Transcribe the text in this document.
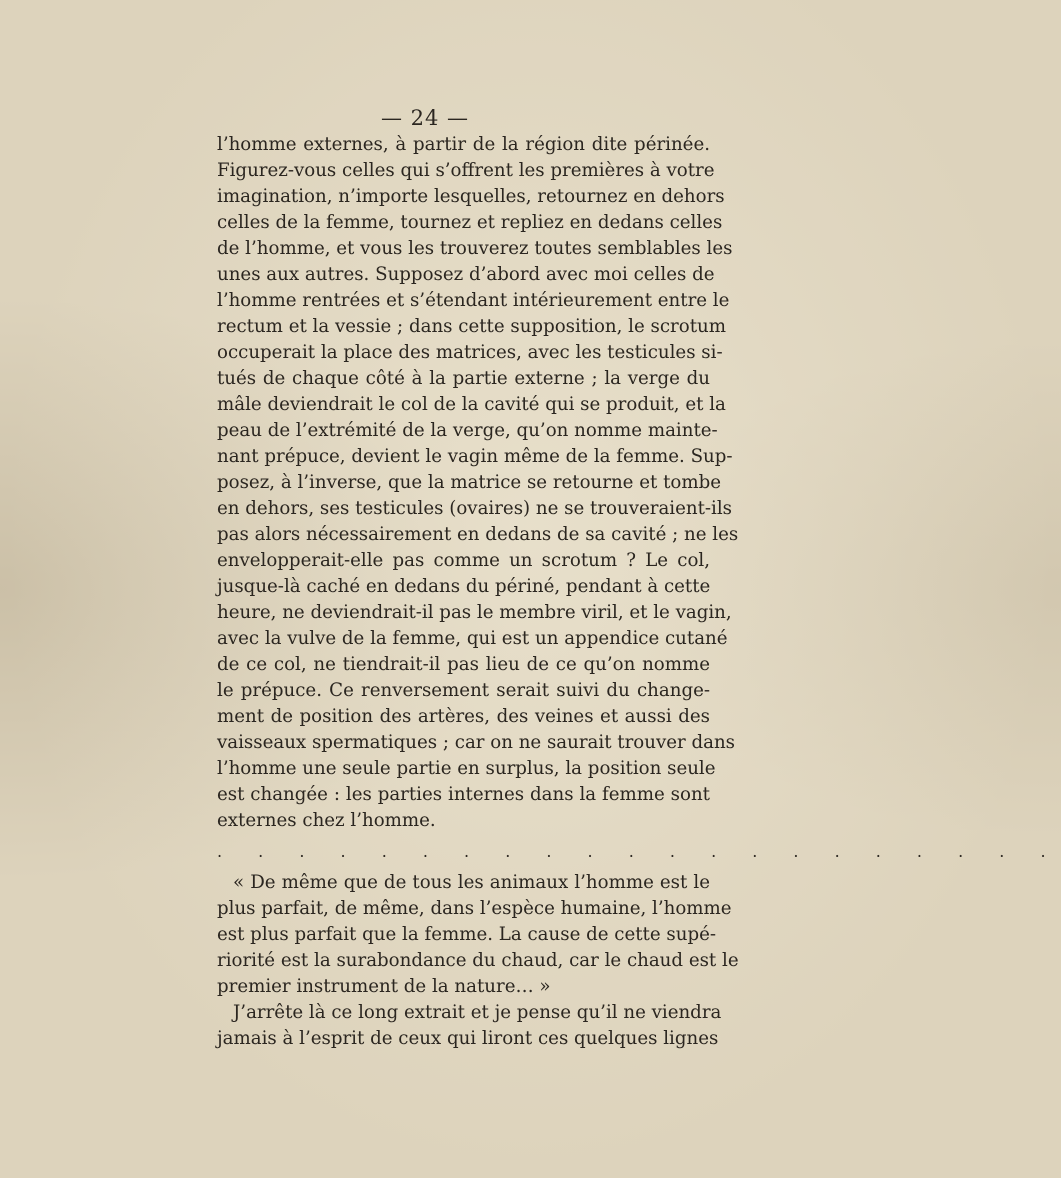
— 24 —
l’homme externes, à partir de la région dite périnée.
Figurez-vous celles qui s’offrent les premières à votre
imagination, n’importe lesquelles, retournez en dehors
celles de la femme, tournez et repliez en dedans celles
de l’homme, et vous les trouverez toutes semblables les
unes aux autres. Supposez d’abord avec moi celles de
l’homme rentrées et s’étendant intérieurement entre le
rectum et la vessie ; dans cette supposition, le scrotum
occuperait la place des matrices, avec les testicules si-
tués de chaque côté à la partie externe ; la verge du
mâle deviendrait le col de la cavité qui se produit, et la
peau de l’extrémité de la verge, qu’on nomme mainte-
nant prépuce, devient le vagin même de la femme. Sup-
posez, à l’inverse, que la matrice se retourne et tombe
en dehors, ses testicules (ovaires) ne se trouveraient-ils
pas alors nécessairement en dedans de sa cavité ; ne les
envelopperait-elle pas comme un scrotum ? Le col,
jusque-là caché en dedans du périné, pendant à cette
heure, ne deviendrait-il pas le membre viril, et le vagin,
avec la vulve de la femme, qui est un appendice cutané
de ce col, ne tiendrait-il pas lieu de ce qu’on nomme
le prépuce. Ce renversement serait suivi du change-
ment de position des artères, des veines et aussi des
vaisseaux spermatiques ; car on ne saurait trouver dans
l’homme une seule partie en surplus, la position seule
est changée : les parties internes dans la femme sont
externes chez l’homme.
. . . . . . . . . . . . . . . . . . . . .
« De même que de tous les animaux l’homme est le
plus parfait, de même, dans l’espèce humaine, l’homme
est plus parfait que la femme. La cause de cette supé-
riorité est la surabondance du chaud, car le chaud est le
premier instrument de la nature… »
J’arrête là ce long extrait et je pense qu’il ne viendra
jamais à l’esprit de ceux qui liront ces quelques lignes
